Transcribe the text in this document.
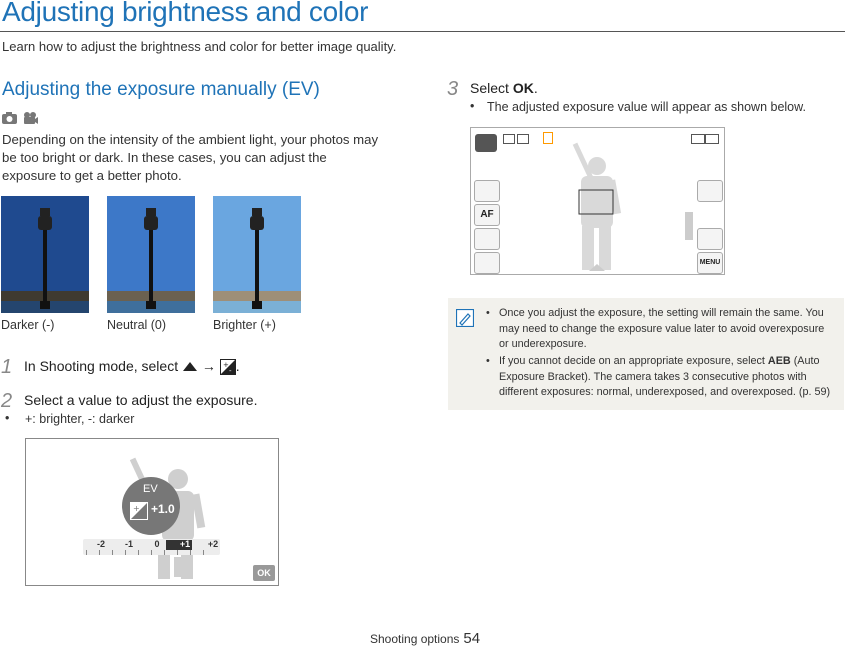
Adjusting brightness and color
Learn how to adjust the brightness and color for better image quality.
Adjusting the exposure manually (EV)
Depending on the intensity of the ambient light, your photos may be too bright or dark. In these cases, you can adjust the exposure to get a better photo.
Darker (-)	Neutral (0)	Brighter (+)
1 In Shooting mode, select → +
- .
2 Select a value to adjust the exposure.
• +: brighter, -: darker
EV
+ +1.0
-2	-1	0	+1	+2
OK
3 Select OK.
• The adjusted exposure value will appear as shown below.
AF
MENU
• Once you adjust the exposure, the setting will remain the same. You may need to change the exposure value later to avoid overexposure or underexposure.
• If you cannot decide on an appropriate exposure, select AEB (Auto Exposure Bracket). The camera takes 3 consecutive photos with different exposures: normal, underexposed, and overexposed. (p. 59)
Shooting options 54
